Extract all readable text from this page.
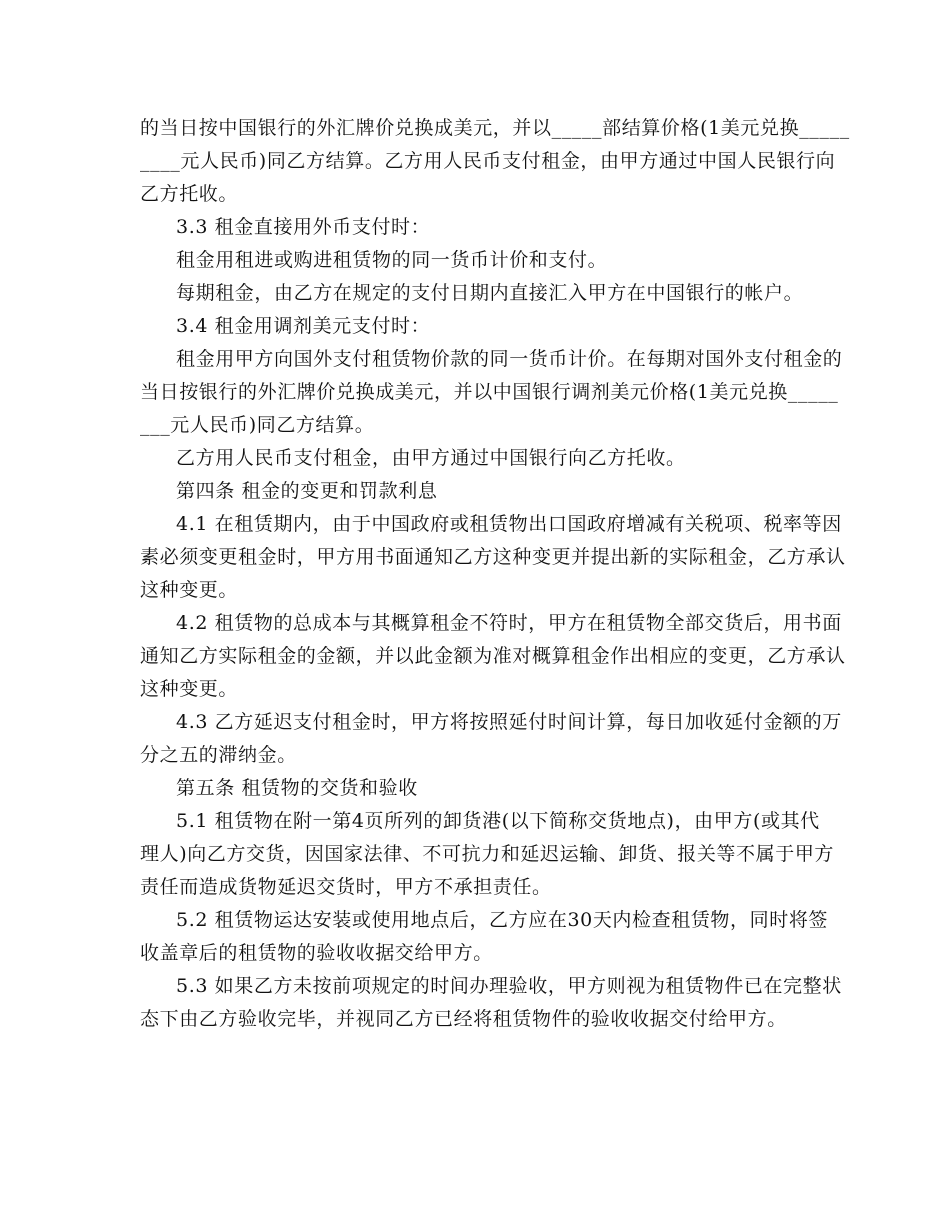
的当日按中国银行的外汇牌价兑换成美元，并以_____部结算价格(1美元兑换_____
____元人民币)同乙方结算。乙方用人民币支付租金，由甲方通过中国人民银行向
乙方托收。

3.3 租金直接用外币支付时：

租金用租进或购进租赁物的同一货币计价和支付。

每期租金，由乙方在规定的支付日期内直接汇入甲方在中国银行的帐户。

3.4 租金用调剂美元支付时：

租金用甲方向国外支付租赁物价款的同一货币计价。在每期对国外支付租金的
当日按银行的外汇牌价兑换成美元，并以中国银行调剂美元价格(1美元兑换_____
___元人民币)同乙方结算。

乙方用人民币支付租金，由甲方通过中国银行向乙方托收。

第四条 租金的变更和罚款利息

4.1 在租赁期内，由于中国政府或租赁物出口国政府增减有关税项、税率等因
素必须变更租金时，甲方用书面通知乙方这种变更并提出新的实际租金，乙方承认
这种变更。

4.2 租赁物的总成本与其概算租金不符时，甲方在租赁物全部交货后，用书面
通知乙方实际租金的金额，并以此金额为准对概算租金作出相应的变更，乙方承认
这种变更。

4.3 乙方延迟支付租金时，甲方将按照延付时间计算，每日加收延付金额的万
分之五的滞纳金。

第五条 租赁物的交货和验收

5.1 租赁物在附一第4页所列的卸货港(以下简称交货地点)，由甲方(或其代
理人)向乙方交货，因国家法律、不可抗力和延迟运输、卸货、报关等不属于甲方
责任而造成货物延迟交货时，甲方不承担责任。

5.2 租赁物运达安装或使用地点后，乙方应在30天内检查租赁物，同时将签
收盖章后的租赁物的验收收据交给甲方。

5.3 如果乙方未按前项规定的时间办理验收，甲方则视为租赁物件已在完整状
态下由乙方验收完毕，并视同乙方已经将租赁物件的验收收据交付给甲方。
